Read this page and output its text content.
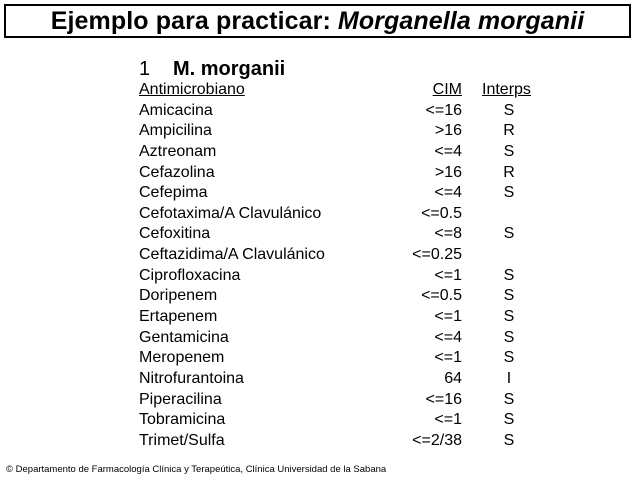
Ejemplo para practicar: Morganella morganii
1	M. morganii
Antimicrobiano	CIM Interps
Amicacina	<=16	S
Ampicilina	>16	R
Aztreonam	<=4	S
Cefazolina	>16	R
Cefepima	<=4	S
Cefotaxima/A Clavulánico	<=0.5
Cefoxitina	<=8	S
Ceftazidima/A Clavulánico	<=0.25
Ciprofloxacina	<=1	S
Doripenem	<=0.5	S
Ertapenem	<=1	S
Gentamicina	<=4	S
Meropenem	<=1	S
Nitrofurantoina	64	I
Piperacilina	<=16	S
Tobramicina	<=1	S
Trimet/Sulfa	<=2/38	S
© Departamento de Farmacología Clínica y Terapeútica, Clínica Universidad de la Sabana
